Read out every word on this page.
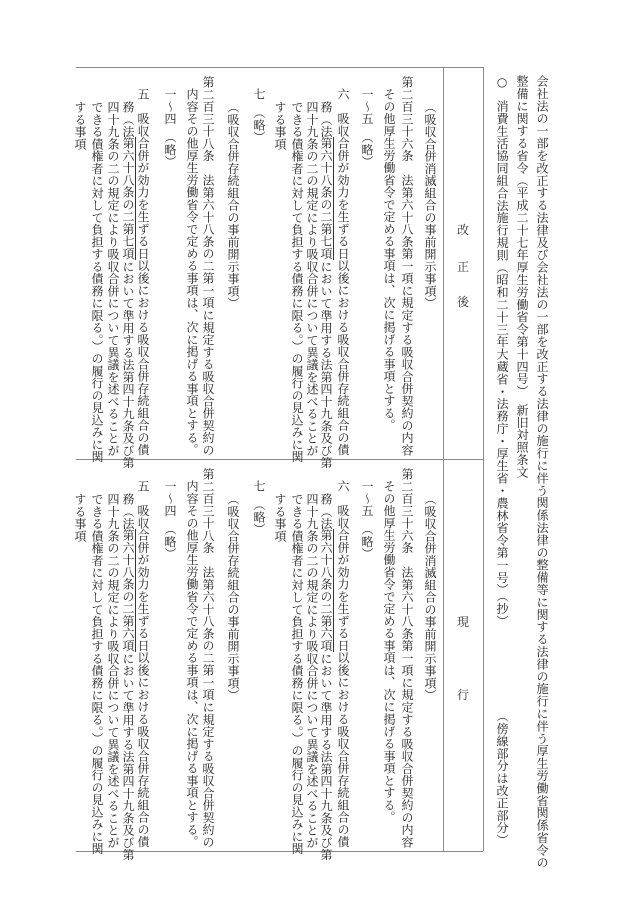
会社法の一部を改正する法律及び会社法の一部を改正する法律の施行に伴う関係法律の整備等に関する法律の施行に伴う厚生労働省関係省令の
整備に関する省令（平成二十七年厚生労働省令第十四号）　新旧対照条文
○
消費生活協同組合法施行規則（昭和二十三年大蔵省・法務庁・厚生省・農林省令第一号）（抄）
（傍線部分は改正部分）
改
正
後
現
行
（吸収合併消滅組合の事前開示事項）
第二百三十六条　法第六十八条第一項に規定する吸収合併契約の内容
その他厚生労働省令で定める事項は、次に掲げる事項とする。
一～五　（略）
六　吸収合併が効力を生ずる日以後における吸収合併存続組合の債
務（法第六十八条の二第七項において準用する法第四十九条及び第
四十九条の二の規定により吸収合併について異議を述べることが
できる債権者に対して負担する債務に限る。）の履行の見込みに関
する事項
七　（略）
（吸収合併存続組合の事前開示事項）
第二百三十八条　法第六十八条の二第一項に規定する吸収合併契約の
内容その他厚生労働省令で定める事項は、次に掲げる事項とする。
一～四　（略）
五　吸収合併が効力を生ずる日以後における吸収合併存続組合の債
務（法第六十八条の二第七項において準用する法第四十九条及び第
四十九条の二の規定により吸収合併について異議を述べることが
できる債権者に対して負担する債務に限る。）の履行の見込みに関
する事項
（吸収合併消滅組合の事前開示事項）
第二百三十六条　法第六十八条第一項に規定する吸収合併契約の内容
その他厚生労働省令で定める事項は、次に掲げる事項とする。
一～五　（略）
六　吸収合併が効力を生ずる日以後における吸収合併存続組合の債
務（法第六十八条の二第六項において準用する法第四十九条及び第
四十九条の二の規定により吸収合併について異議を述べることが
できる債権者に対して負担する債務に限る。）の履行の見込みに関
する事項
七　（略）
（吸収合併存続組合の事前開示事項）
第二百三十八条　法第六十八条の二第一項に規定する吸収合併契約の
内容その他厚生労働省令で定める事項は、次に掲げる事項とする。
一～四　（略）
五　吸収合併が効力を生ずる日以後における吸収合併存続組合の債
務（法第六十八条の二第六項において準用する法第四十九条及び第
四十九条の二の規定により吸収合併について異議を述べることが
できる債権者に対して負担する債務に限る。）の履行の見込みに関
する事項
